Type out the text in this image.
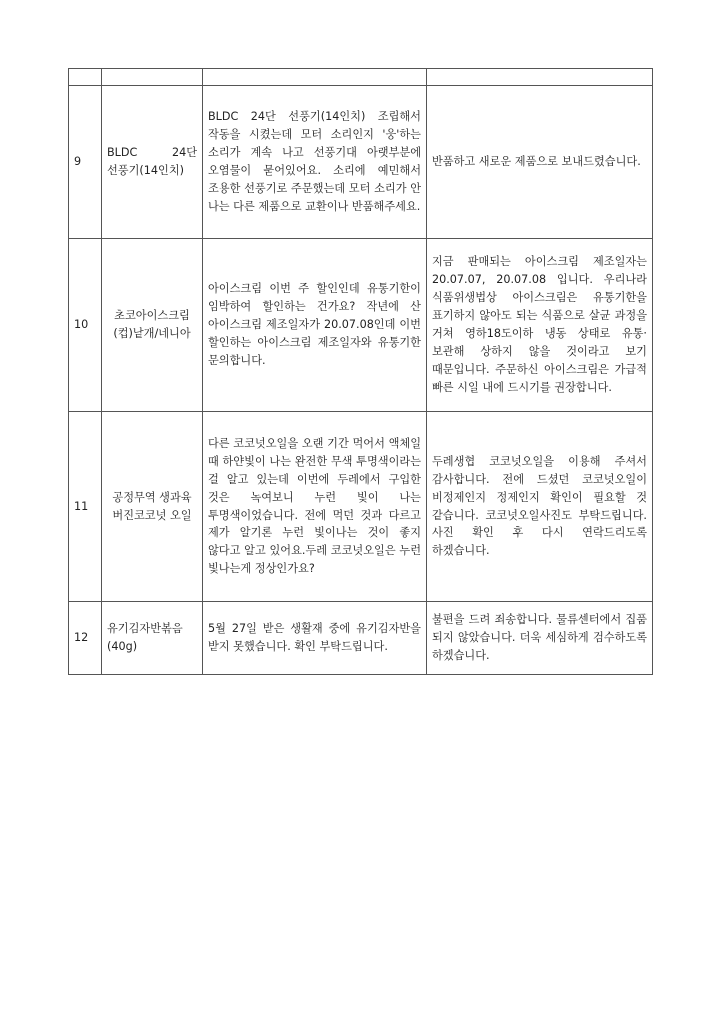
9	BLDC 24단 선풍기(14인치)	BLDC 24단 선풍기(14인치) 조립해서 작동을 시켰는데 모터 소리인지 '웅'하는 소리가 계속 나고 선풍기대 아랫부분에 오염물이 묻어있어요. 소리에 예민해서 조용한 선풍기로 주문했는데 모터 소리가 안 나는 다른 제품으로 교환이나 반품해주세요.	반품하고 새로운 제품으로 보내드렸습니다.
10	초코아이스크림(컵)낱개/네니아	아이스크림 이번 주 할인인데 유통기한이 임박하여 할인하는 건가요? 작년에 산 아이스크림 제조일자가 20.07.08인데 이번 할인하는 아이스크림 제조일자와 유통기한 문의합니다.	지금 판매되는 아이스크림 제조일자는 20.07.07, 20.07.08 입니다. 우리나라 식품위생법상 아이스크림은 유통기한을 표기하지 않아도 되는 식품으로 살균 과정을 거쳐 영하18도이하 냉동 상태로 유통·보관해 상하지 않을 것이라고 보기 때문입니다. 주문하신 아이스크림은 가급적 빠른 시일 내에 드시기를 권장합니다.
11	공정무역 생과육 버진코코넛 오일	다른 코코넛오일을 오랜 기간 먹어서 액체일 때 하얀빛이 나는 완전한 무색 투명색이라는 걸 알고 있는데 이번에 두레에서 구입한 것은 녹여보니 누런 빛이 나는 투명색이었습니다. 전에 먹던 것과 다르고 제가 알기론 누런 빛이나는 것이 좋지 않다고 알고 있어요.두레 코코넛오일은 누런 빛나는게 정상인가요?	두레생협 코코넛오일을 이용해 주셔서 감사합니다. 전에 드셨던 코코넛오일이 비정제인지 정제인지 확인이 필요할 것 같습니다. 코코넛오일사진도 부탁드립니다. 사진 확인 후 다시 연락드리도록 하겠습니다.
12	유기김자반볶음(40g)	5월 27일 받은 생활재 중에 유기김자반을 받지 못했습니다. 확인 부탁드립니다.	불편을 드려 죄송합니다. 물류센터에서 집품 되지 않았습니다. 더욱 세심하게 검수하도록 하겠습니다.
